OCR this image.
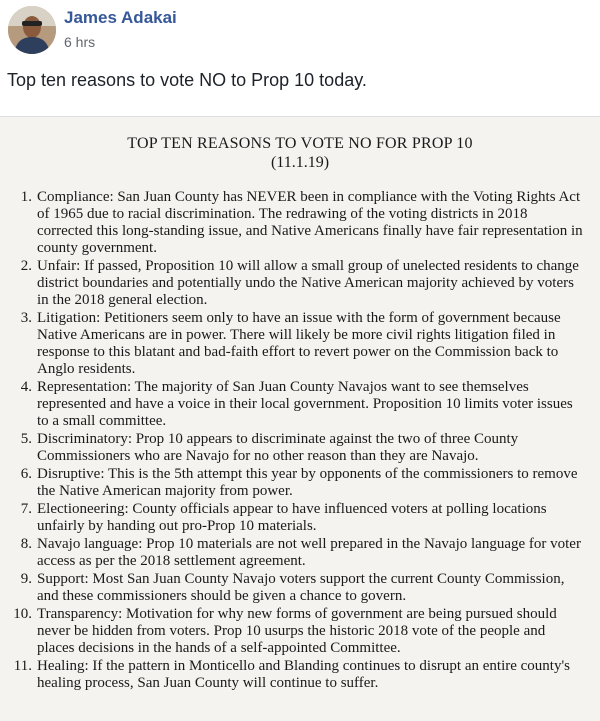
James Adakai
6 hrs
Top ten reasons to vote NO to Prop 10 today.
TOP TEN REASONS TO VOTE NO FOR PROP 10
(11.1.19)
1. Compliance: San Juan County has NEVER been in compliance with the Voting Rights Act of 1965 due to racial discrimination. The redrawing of the voting districts in 2018 corrected this long-standing issue, and Native Americans finally have fair representation in county government.
2. Unfair: If passed, Proposition 10 will allow a small group of unelected residents to change district boundaries and potentially undo the Native American majority achieved by voters in the 2018 general election.
3. Litigation: Petitioners seem only to have an issue with the form of government because Native Americans are in power. There will likely be more civil rights litigation filed in response to this blatant and bad-faith effort to revert power on the Commission back to Anglo residents.
4. Representation: The majority of San Juan County Navajos want to see themselves represented and have a voice in their local government. Proposition 10 limits voter issues to a small committee.
5. Discriminatory: Prop 10 appears to discriminate against the two of three County Commissioners who are Navajo for no other reason than they are Navajo.
6. Disruptive: This is the 5th attempt this year by opponents of the commissioners to remove the Native American majority from power.
7. Electioneering: County officials appear to have influenced voters at polling locations unfairly by handing out pro-Prop 10 materials.
8. Navajo language: Prop 10 materials are not well prepared in the Navajo language for voter access as per the 2018 settlement agreement.
9. Support: Most San Juan County Navajo voters support the current County Commission, and these commissioners should be given a chance to govern.
10. Transparency: Motivation for why new forms of government are being pursued should never be hidden from voters. Prop 10 usurps the historic 2018 vote of the people and places decisions in the hands of a self-appointed Committee.
11. Healing: If the pattern in Monticello and Blanding continues to disrupt an entire county's healing process, San Juan County will continue to suffer.
